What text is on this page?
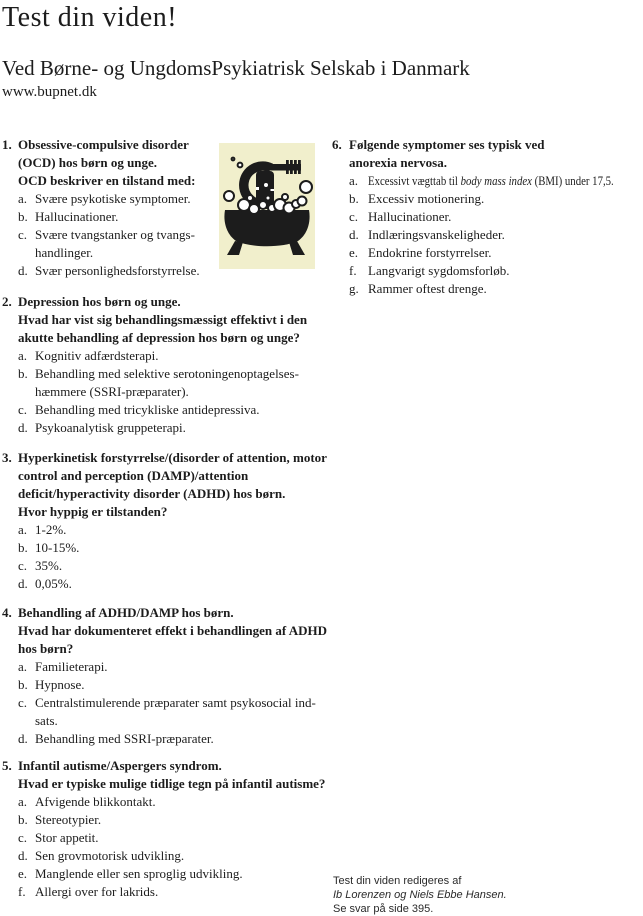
Test din viden!
Ved Børne- og UngdomsPsykiatrisk Selskab i Danmark
www.bupnet.dk
1. Obsessive-compulsive disorder (OCD) hos børn og unge.
OCD beskriver en tilstand med:
a. Svære psykotiske symptomer.
b. Hallucinationer.
c. Svære tvangstanker og tvangs-handlinger.
d. Svær personlighedsforstyrrelse.
2. Depression hos børn og unge.
Hvad har vist sig behandlingsmæssigt effektivt i den akutte behandling af depression hos børn og unge?
a. Kognitiv adfærdsterapi.
b. Behandling med selektive serotoningenoptagelses-hæmmere (SSRI-præparater).
c. Behandling med tricykliske antidepressiva.
d. Psykoanalytisk gruppeterapi.
3. Hyperkinetisk forstyrrelse/(disorder of attention, motor control and perception (DAMP)/attention deficit/hyperactivity disorder (ADHD) hos børn.
Hvor hyppig er tilstanden?
a. 1-2%.
b. 10-15%.
c. 35%.
d. 0,05%.
4. Behandling af ADHD/DAMP hos børn.
Hvad har dokumenteret effekt i behandlingen af ADHD hos børn?
a. Familieterapi.
b. Hypnose.
c. Centralstimulerende præparater samt psykosocial ind-sats.
d. Behandling med SSRI-præparater.
5. Infantil autisme/Aspergers syndrom.
Hvad er typiske mulige tidlige tegn på infantil autisme?
a. Afvigende blikkontakt.
b. Stereotypier.
c. Stor appetit.
d. Sen grovmotorisk udvikling.
e. Manglende eller sen sproglig udvikling.
f. Allergi over for lakrids.
6. Følgende symptomer ses typisk ved anorexia nervosa.
a. Excessivt vægttab til body mass index (BMI) under 17,5.
b. Excessiv motionering.
c. Hallucinationer.
d. Indlæringsvanskeligheder.
e. Endokrine forstyrrelser.
f. Langvarigt sygdomsforløb.
g. Rammer oftest drenge.
Test din viden redigeres af
Ib Lorenzen og Niels Ebbe Hansen.
Se svar på side 395.
